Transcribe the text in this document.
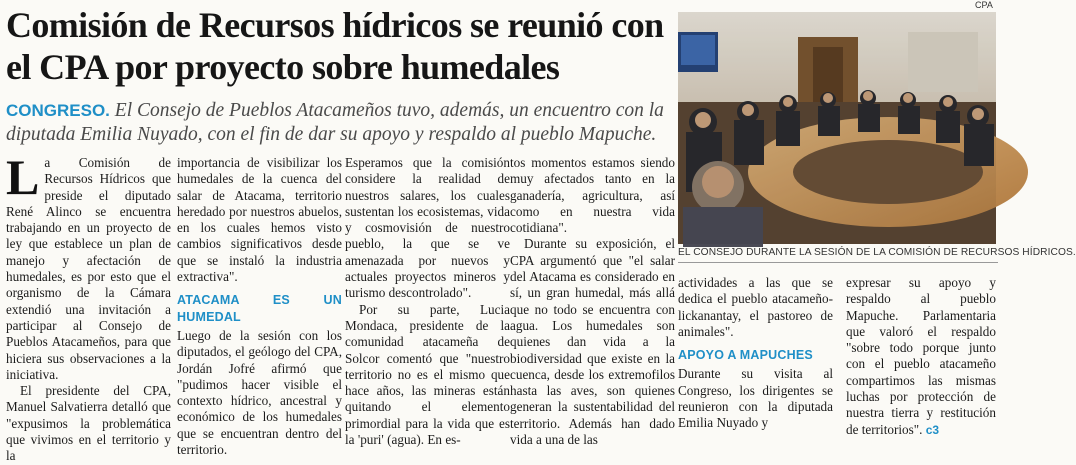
Comisión de Recursos hídricos se reunió con el CPA por proyecto sobre humedales

CONGRESO. El Consejo de Pueblos Atacameños tuvo, además, un encuentro con la diputada Emilia Nuyado, con el fin de dar su apoyo y respaldo al pueblo Mapuche.

La Comisión de Recursos Hídricos que preside el diputado René Alinco se encuentra trabajando en un proyecto de ley que establece un plan de manejo y afectación de humedales, es por esto que el organismo de la Cámara extendió una invitación a participar al Consejo de Pueblos Atacameños, para que hiciera sus observaciones a la iniciativa.

El presidente del CPA, Manuel Salvatierra detalló que "expusimos la problemática que vivimos en el territorio y la

importancia de visibilizar los humedales de la cuenca del salar de Atacama, territorio heredado por nuestros abuelos, en los cuales hemos visto cambios significativos desde que se instaló la industria extractiva".

ATACAMA ES UN HUMEDAL

Luego de la sesión con los diputados, el geólogo del CPA, Jordán Jofré afirmó que "pudimos hacer visible el contexto hídrico, ancestral y económico de los humedales que se encuentran dentro del territorio.

Esperamos que la comisión considere la realidad de nuestros salares, los cuales sustentan los ecosistemas, vida y cosmovisión de nuestro pueblo, la que se ve amenazada por nuevos y actuales proyectos mineros y turismo descontrolado".

Por su parte, Lucia Mondaca, presidente de la comunidad atacameña de Solcor comentó que "nuestro territorio no es el mismo que hace años, las mineras están quitando el elemento primordial para la vida que es la 'puri' (agua). En es-

tos momentos estamos siendo muy afectados tanto en la ganadería, agricultura, así como en nuestra vida cotidiana".

Durante su exposición, el CPA argumentó que "el salar del Atacama es considerado en sí, un gran humedal, más allá que no todo se encuentra con agua. Los humedales son quienes dan vida a la biodiversidad que existe en la cuenca, desde los extremofilos hasta las aves, son quienes generan la sustentabilidad del territorio. Además han dado vida a una de las

actividades a las que se dedica el pueblo atacameño-lickanantay, el pastoreo de animales".

APOYO A MAPUCHES

Durante su visita al Congreso, los dirigentes se reunieron con la diputada Emilia Nuyado y

expresar su apoyo y respaldo al pueblo Mapuche. Parlamentaria que valoró el respaldo "sobre todo porque junto con el pueblo atacameño compartimos las mismas luchas por protección de nuestra tierra y restitución de territorios". c3

CPA
EL CONSEJO DURANTE LA SESIÓN DE LA COMISIÓN DE RECURSOS HÍDRICOS.
